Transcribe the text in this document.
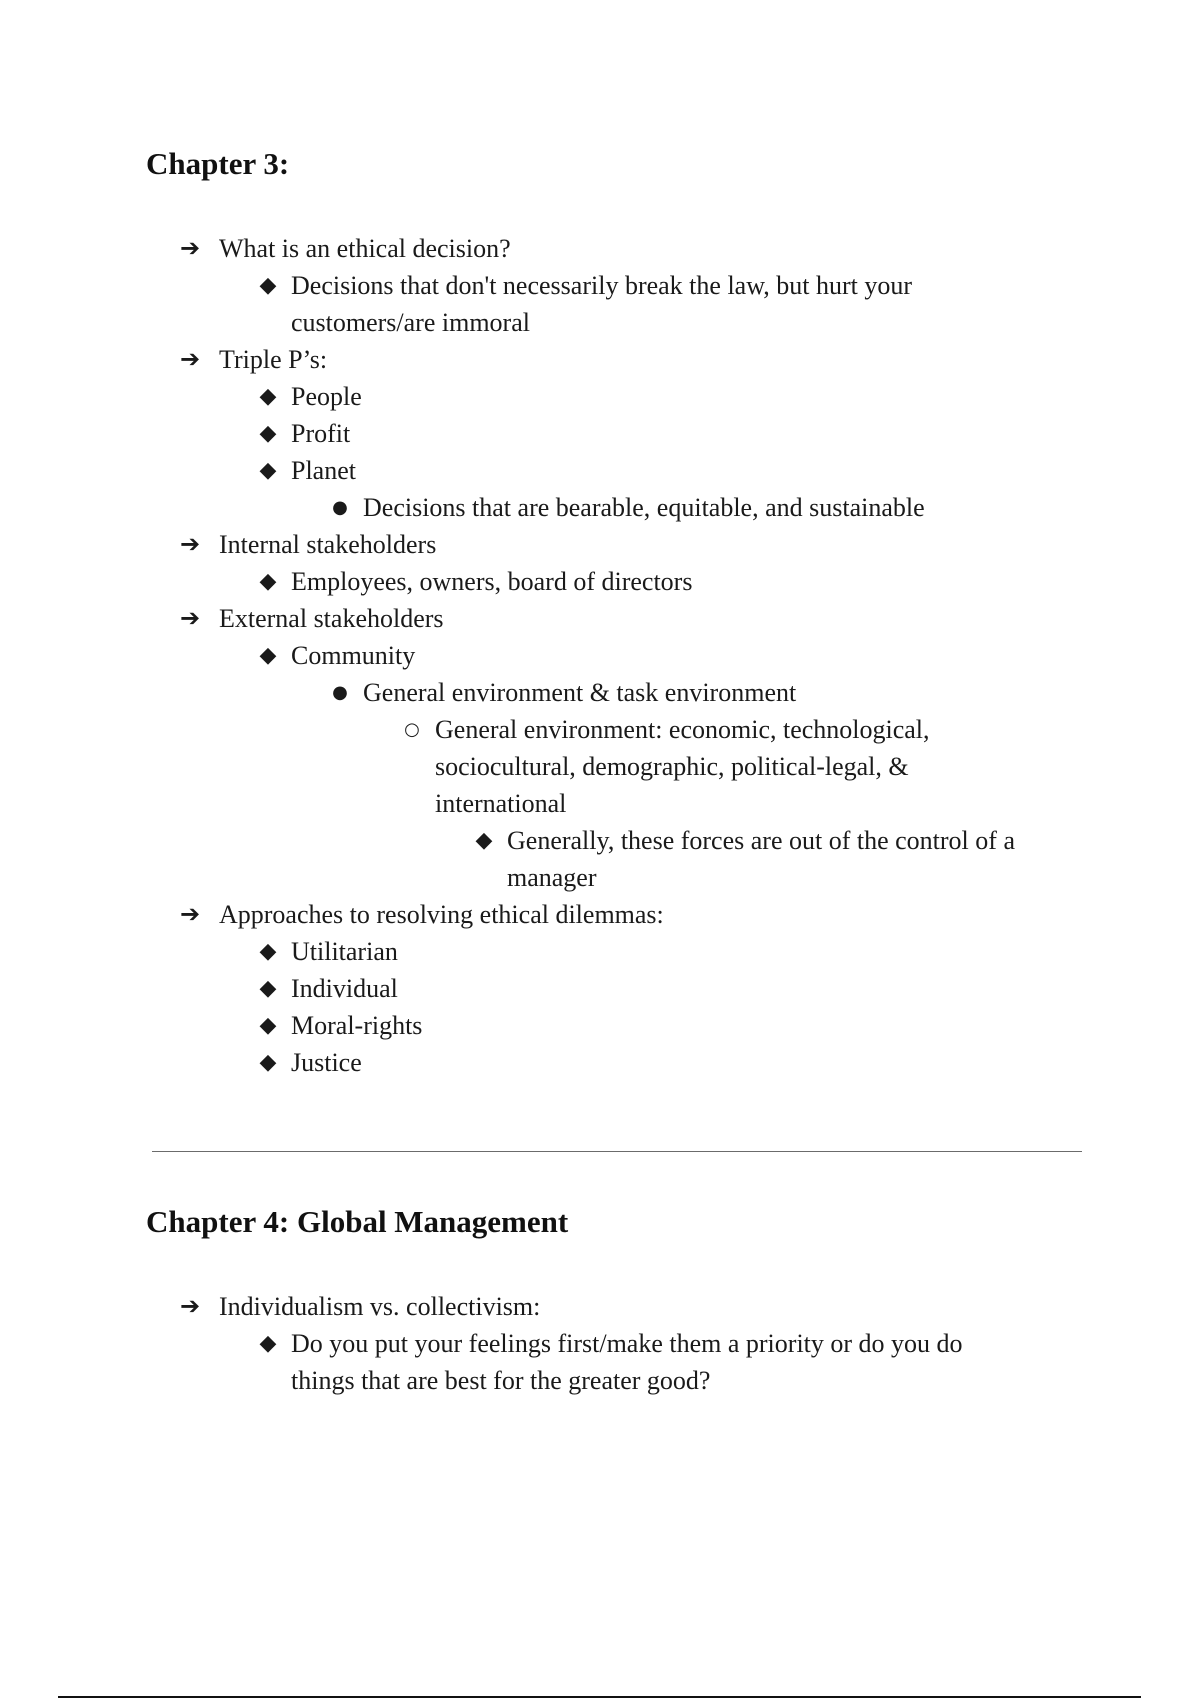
Chapter 3:
➔ What is an ethical decision?
◆ Decisions that don't necessarily break the law, but hurt your customers/are immoral
➔ Triple P’s:
◆ People
◆ Profit
◆ Planet
● Decisions that are bearable, equitable, and sustainable
➔ Internal stakeholders
◆ Employees, owners, board of directors
➔ External stakeholders
◆ Community
● General environment & task environment
○ General environment: economic, technological, sociocultural, demographic, political-legal, & international
◆ Generally, these forces are out of the control of a manager
➔ Approaches to resolving ethical dilemmas:
◆ Utilitarian
◆ Individual
◆ Moral-rights
◆ Justice
Chapter 4: Global Management
➔ Individualism vs. collectivism:
◆ Do you put your feelings first/make them a priority or do you do things that are best for the greater good?
